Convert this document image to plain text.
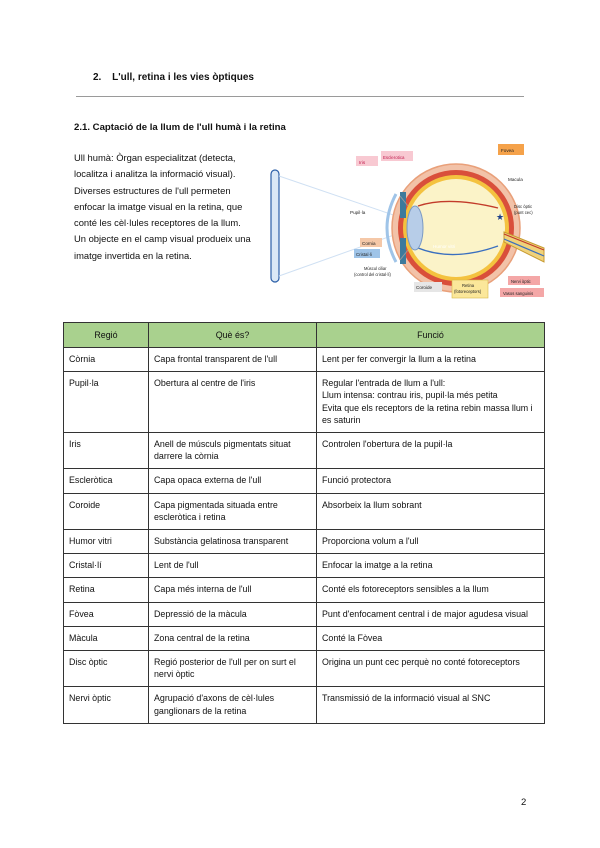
2. L'ull, retina i les vies òptiques
2.1. Captació de la llum de l'ull humà i la retina

Ull humà: Òrgan especialitzat (detecta, localitza i analitza la informació visual).

Diverses estructures de l'ull permeten enfocar la imatge visual en la retina, que conté les cèl·lules receptores de la llum.

Un objecte en el camp visual produeix una imatge invertida en la retina.

★
Iris
Esclerotica
Pupil·la
Cornia
Cristal·li
Humor vitri
Múscul ciliar (control del cristal·lí)
Coroide	Retina (fotoreceptors)
Fovea
Macula
Disc òptic (punt cec)
Nervi òptic
Vasos sanguinis
Regió	Què és?	Funció
Còrnia	Capa frontal transparent de l'ull	Lent per fer convergir la llum a la retina
Pupil·la	Obertura al centre de l'iris	Regular l'entrada de llum a l'ull:
Llum intensa: contrau iris, pupil·la més petita
Evita que els receptors de la retina rebin massa llum i es saturin
Iris	Anell de músculs pigmentats situat darrere la còrnia	Controlen l'obertura de la pupil·la
Escleròtica	Capa opaca externa de l'ull	Funció protectora
Coroide	Capa pigmentada situada entre escleròtica i retina	Absorbeix la llum sobrant
Humor vitri	Substància gelatinosa transparent	Proporciona volum a l'ull
Cristal·lí	Lent de l'ull	Enfocar la imatge a la retina
Retina	Capa més interna de l'ull	Conté els fotoreceptors sensibles a la llum
Fòvea	Depressió de la màcula	Punt d'enfocament central i de major agudesa visual
Màcula	Zona central de la retina	Conté la Fòvea
Disc òptic	Regió posterior de l'ull per on surt el nervi òptic	Origina un punt cec perquè no conté fotoreceptors
Nervi òptic	Agrupació d'axons de cèl·lules ganglionars de la retina	Transmissió de la informació visual al SNC
2
